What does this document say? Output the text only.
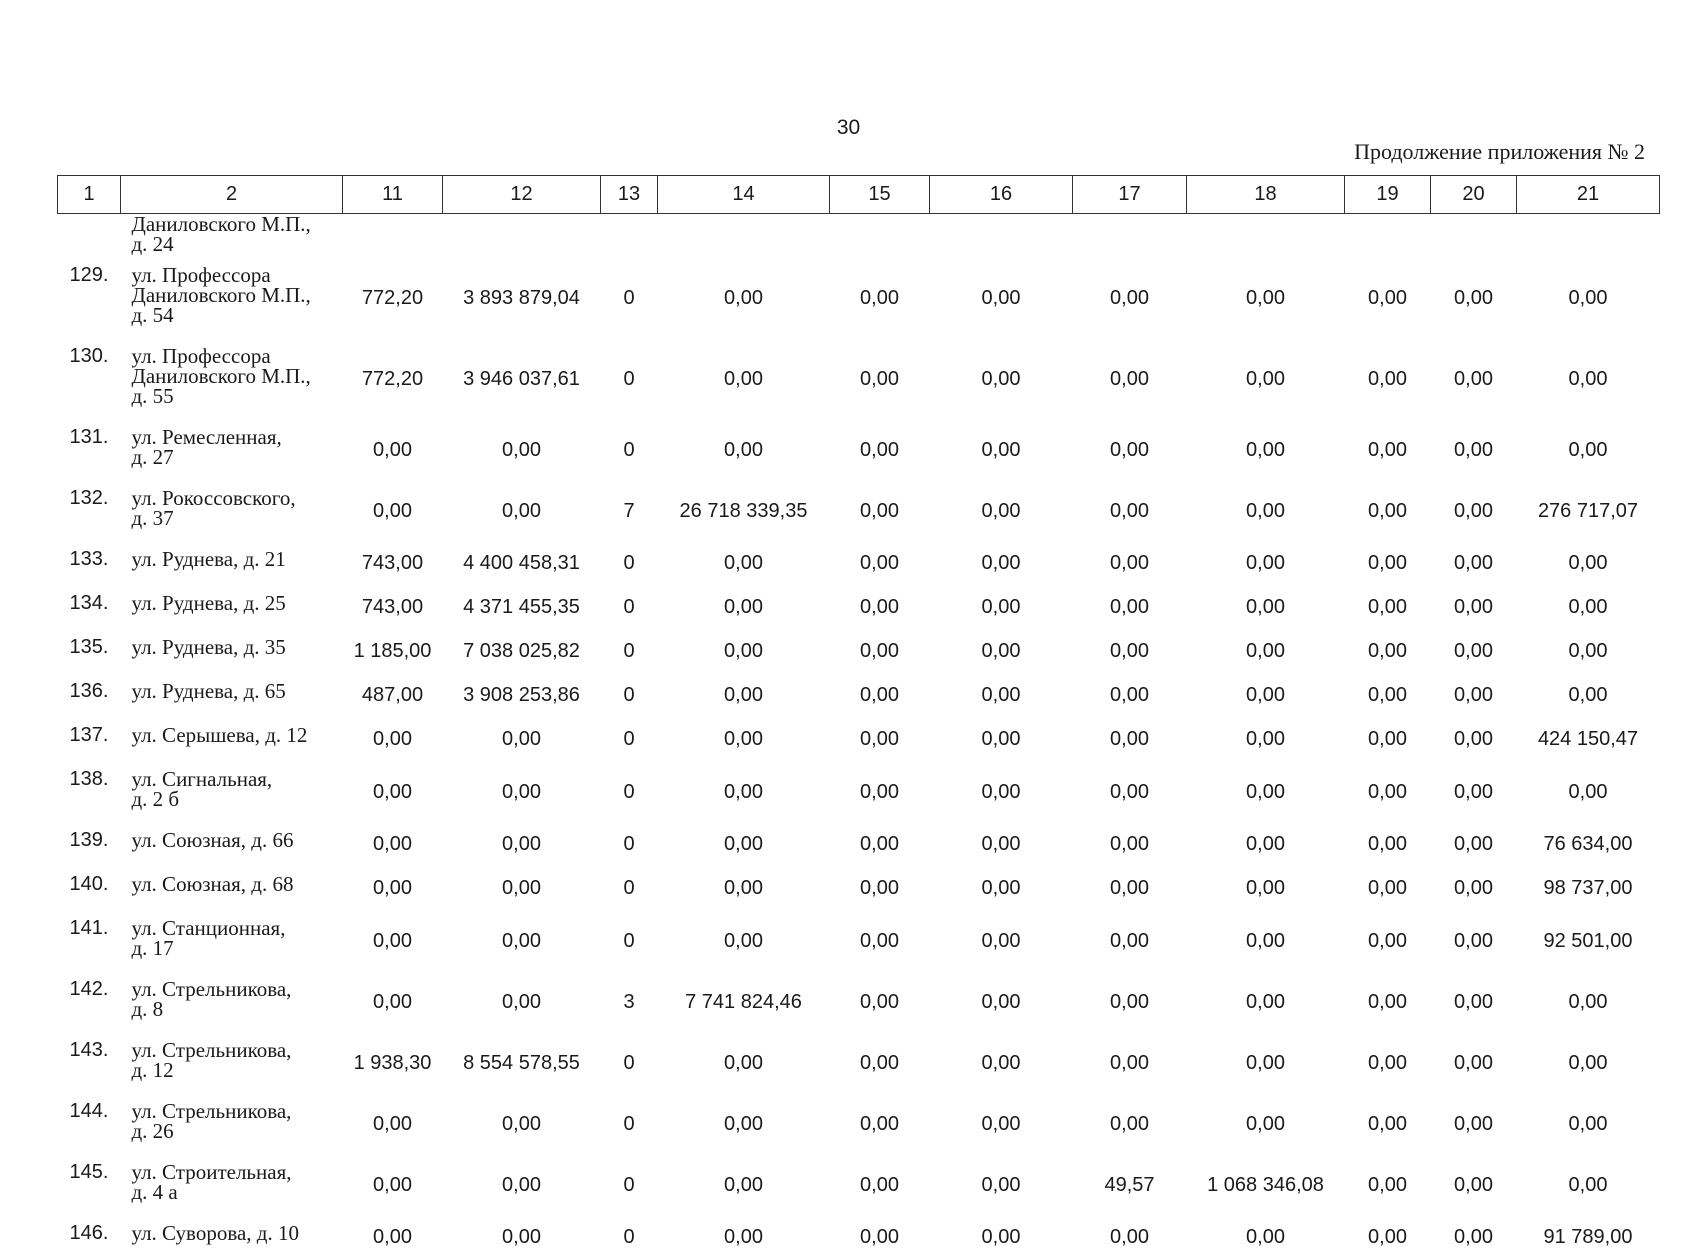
30
Продолжение приложения № 2
1	2	11	12	13	14	15	16	17	18	19	20	21

	Даниловского М.П.,
д. 24											

129.	ул. Профессора
Даниловского М.П.,
д. 54	772,20	3 893 879,04	0	0,00	0,00	0,00	0,00	0,00	0,00	0,00	0,00
130.	ул. Профессора
Даниловского М.П.,
д. 55	772,20	3 946 037,61	0	0,00	0,00	0,00	0,00	0,00	0,00	0,00	0,00
131.	ул. Ремесленная,
д. 27	0,00	0,00	0	0,00	0,00	0,00	0,00	0,00	0,00	0,00	0,00
132.	ул. Рокоссовского,
д. 37	0,00	0,00	7	26 718 339,35	0,00	0,00	0,00	0,00	0,00	0,00	276 717,07
133.	ул. Руднева, д. 21	743,00	4 400 458,31	0	0,00	0,00	0,00	0,00	0,00	0,00	0,00	0,00
134.	ул. Руднева, д. 25	743,00	4 371 455,35	0	0,00	0,00	0,00	0,00	0,00	0,00	0,00	0,00
135.	ул. Руднева, д. 35	1 185,00	7 038 025,82	0	0,00	0,00	0,00	0,00	0,00	0,00	0,00	0,00
136.	ул. Руднева, д. 65	487,00	3 908 253,86	0	0,00	0,00	0,00	0,00	0,00	0,00	0,00	0,00
137.	ул. Серышева, д. 12	0,00	0,00	0	0,00	0,00	0,00	0,00	0,00	0,00	0,00	424 150,47
138.	ул. Сигнальная,
д. 2 б	0,00	0,00	0	0,00	0,00	0,00	0,00	0,00	0,00	0,00	0,00
139.	ул. Союзная, д. 66	0,00	0,00	0	0,00	0,00	0,00	0,00	0,00	0,00	0,00	76 634,00
140.	ул. Союзная, д. 68	0,00	0,00	0	0,00	0,00	0,00	0,00	0,00	0,00	0,00	98 737,00
141.	ул. Станционная,
д. 17	0,00	0,00	0	0,00	0,00	0,00	0,00	0,00	0,00	0,00	92 501,00
142.	ул. Стрельникова,
д. 8	0,00	0,00	3	7 741 824,46	0,00	0,00	0,00	0,00	0,00	0,00	0,00
143.	ул. Стрельникова,
д. 12	1 938,30	8 554 578,55	0	0,00	0,00	0,00	0,00	0,00	0,00	0,00	0,00
144.	ул. Стрельникова,
д. 26	0,00	0,00	0	0,00	0,00	0,00	0,00	0,00	0,00	0,00	0,00
145.	ул. Строительная,
д. 4 а	0,00	0,00	0	0,00	0,00	0,00	49,57	1 068 346,08	0,00	0,00	0,00
146.	ул. Суворова, д. 10	0,00	0,00	0	0,00	0,00	0,00	0,00	0,00	0,00	0,00	91 789,00
